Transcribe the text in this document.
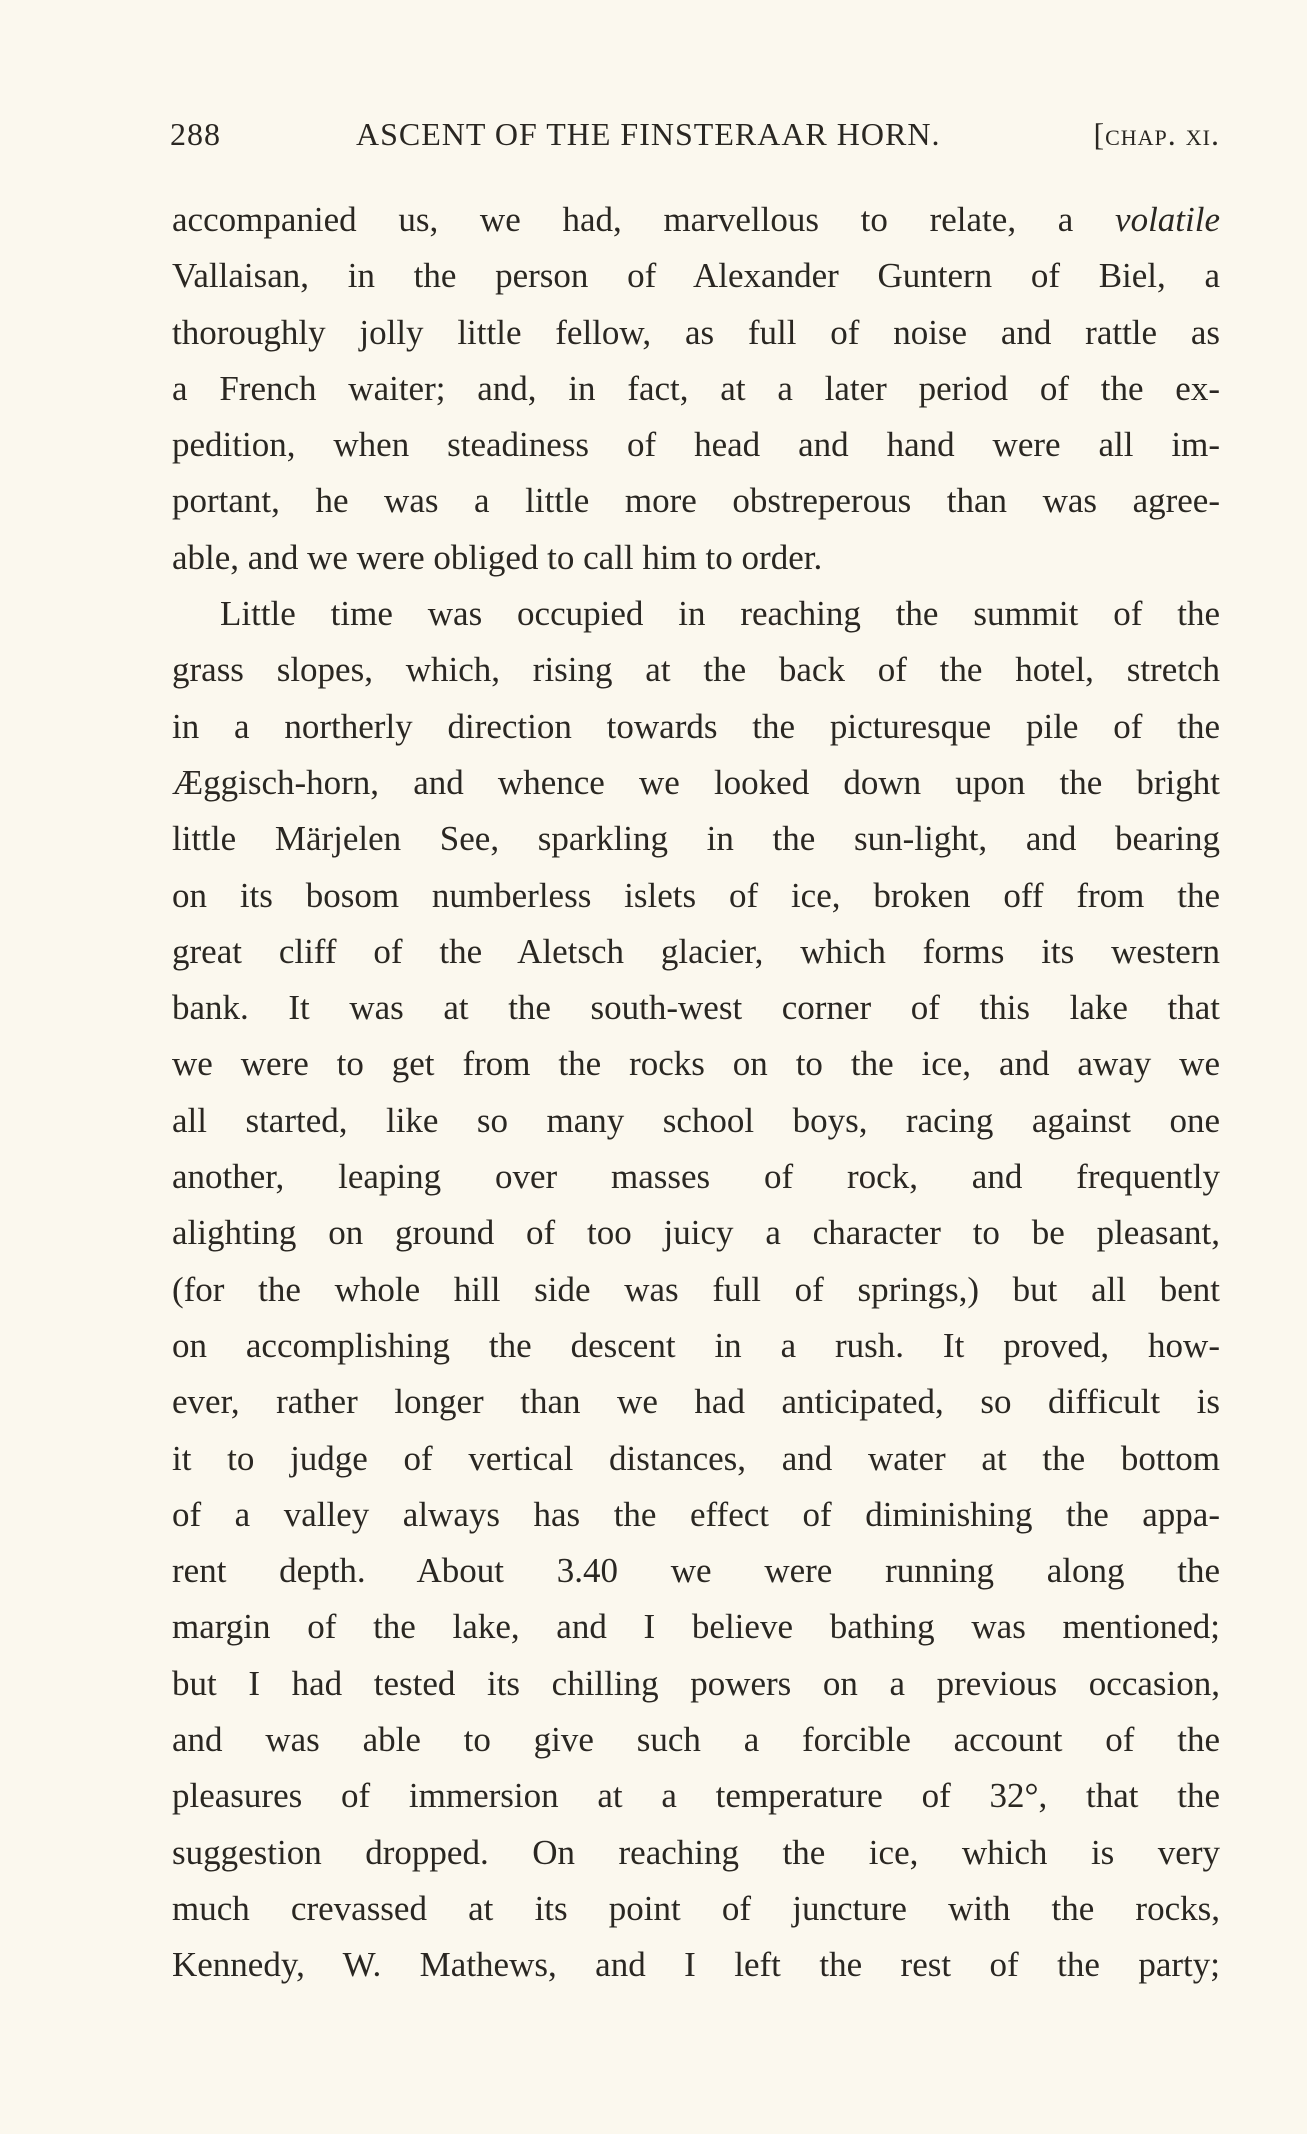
288	ASCENT OF THE FINSTERAAR HORN.	[chap. xi.
accompanied us, we had, marvellous to relate, a volatile
Vallaisan, in the person of Alexander Guntern of Biel, a
thoroughly jolly little fellow, as full of noise and rattle as
a French waiter; and, in fact, at a later period of the ex-
pedition, when steadiness of head and hand were all im-
portant, he was a little more obstreperous than was agree-
able, and we were obliged to call him to order.
Little time was occupied in reaching the summit of the
grass slopes, which, rising at the back of the hotel, stretch
in a northerly direction towards the picturesque pile of the
Æggisch-horn, and whence we looked down upon the bright
little Märjelen See, sparkling in the sun-light, and bearing
on its bosom numberless islets of ice, broken off from the
great cliff of the Aletsch glacier, which forms its western
bank. It was at the south-west corner of this lake that
we were to get from the rocks on to the ice, and away we
all started, like so many school boys, racing against one
another, leaping over masses of rock, and frequently
alighting on ground of too juicy a character to be pleasant,
(for the whole hill side was full of springs,) but all bent
on accomplishing the descent in a rush. It proved, how-
ever, rather longer than we had anticipated, so difficult is
it to judge of vertical distances, and water at the bottom
of a valley always has the effect of diminishing the appa-
rent depth. About 3.40 we were running along the
margin of the lake, and I believe bathing was mentioned;
but I had tested its chilling powers on a previous occasion,
and was able to give such a forcible account of the
pleasures of immersion at a temperature of 32°, that the
suggestion dropped. On reaching the ice, which is very
much crevassed at its point of juncture with the rocks,
Kennedy, W. Mathews, and I left the rest of the party;
